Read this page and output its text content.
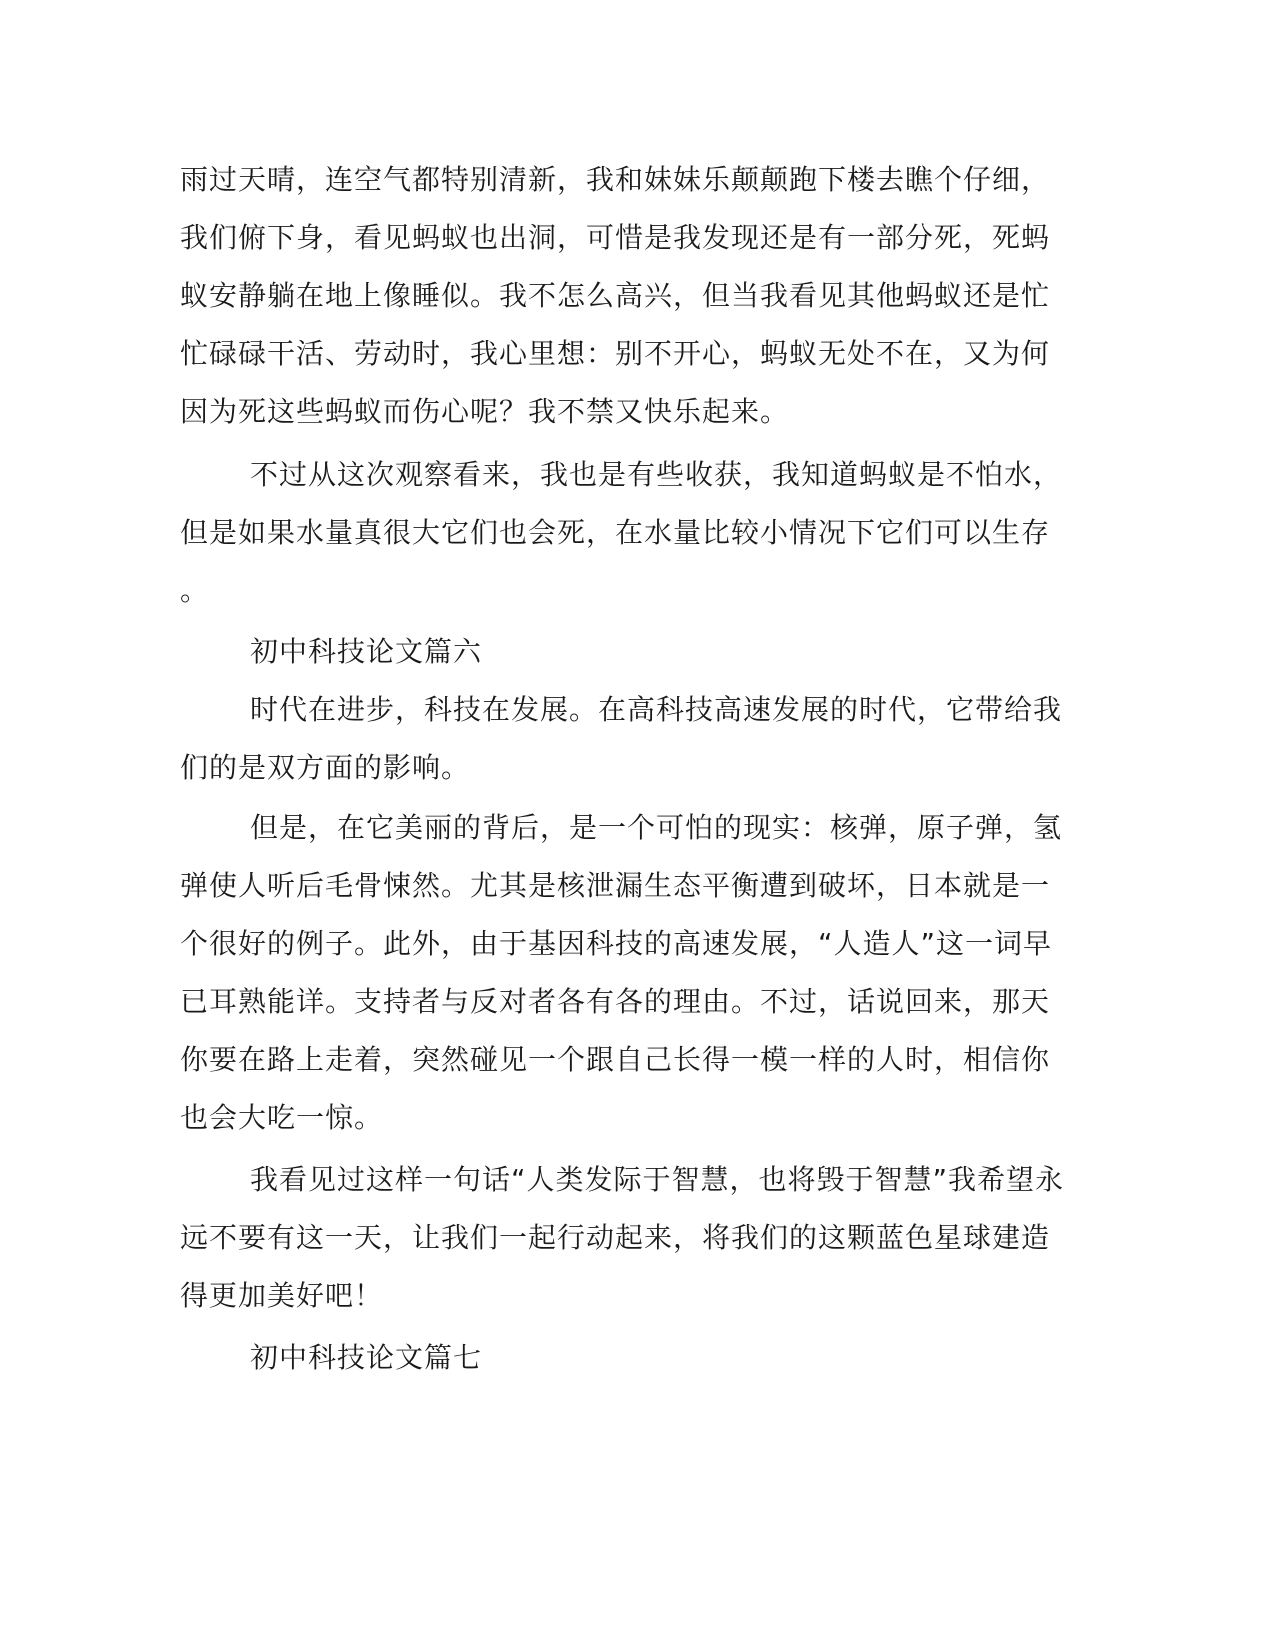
雨过天晴，连空气都特别清新，我和妹妹乐颠颠跑下楼去瞧个仔细，
我们俯下身，看见蚂蚁也出洞，可惜是我发现还是有一部分死，死蚂
蚁安静躺在地上像睡似。我不怎么高兴，但当我看见其他蚂蚁还是忙
忙碌碌干活、劳动时，我心里想：别不开心，蚂蚁无处不在，又为何
因为死这些蚂蚁而伤心呢？我不禁又快乐起来。
不过从这次观察看来，我也是有些收获，我知道蚂蚁是不怕水，
但是如果水量真很大它们也会死，在水量比较小情况下它们可以生存
。
初中科技论文篇六
时代在进步，科技在发展。在高科技高速发展的时代，它带给我
们的是双方面的影响。
但是，在它美丽的背后，是一个可怕的现实：核弹，原子弹，氢
弹使人听后毛骨悚然。尤其是核泄漏生态平衡遭到破坏，日本就是一
个很好的例子。此外，由于基因科技的高速发展，“人造人”这一词早
已耳熟能详。支持者与反对者各有各的理由。不过，话说回来，那天
你要在路上走着，突然碰见一个跟自己长得一模一样的人时，相信你
也会大吃一惊。
我看见过这样一句话“人类发际于智慧，也将毁于智慧”我希望永
远不要有这一天，让我们一起行动起来，将我们的这颗蓝色星球建造
得更加美好吧！
初中科技论文篇七
